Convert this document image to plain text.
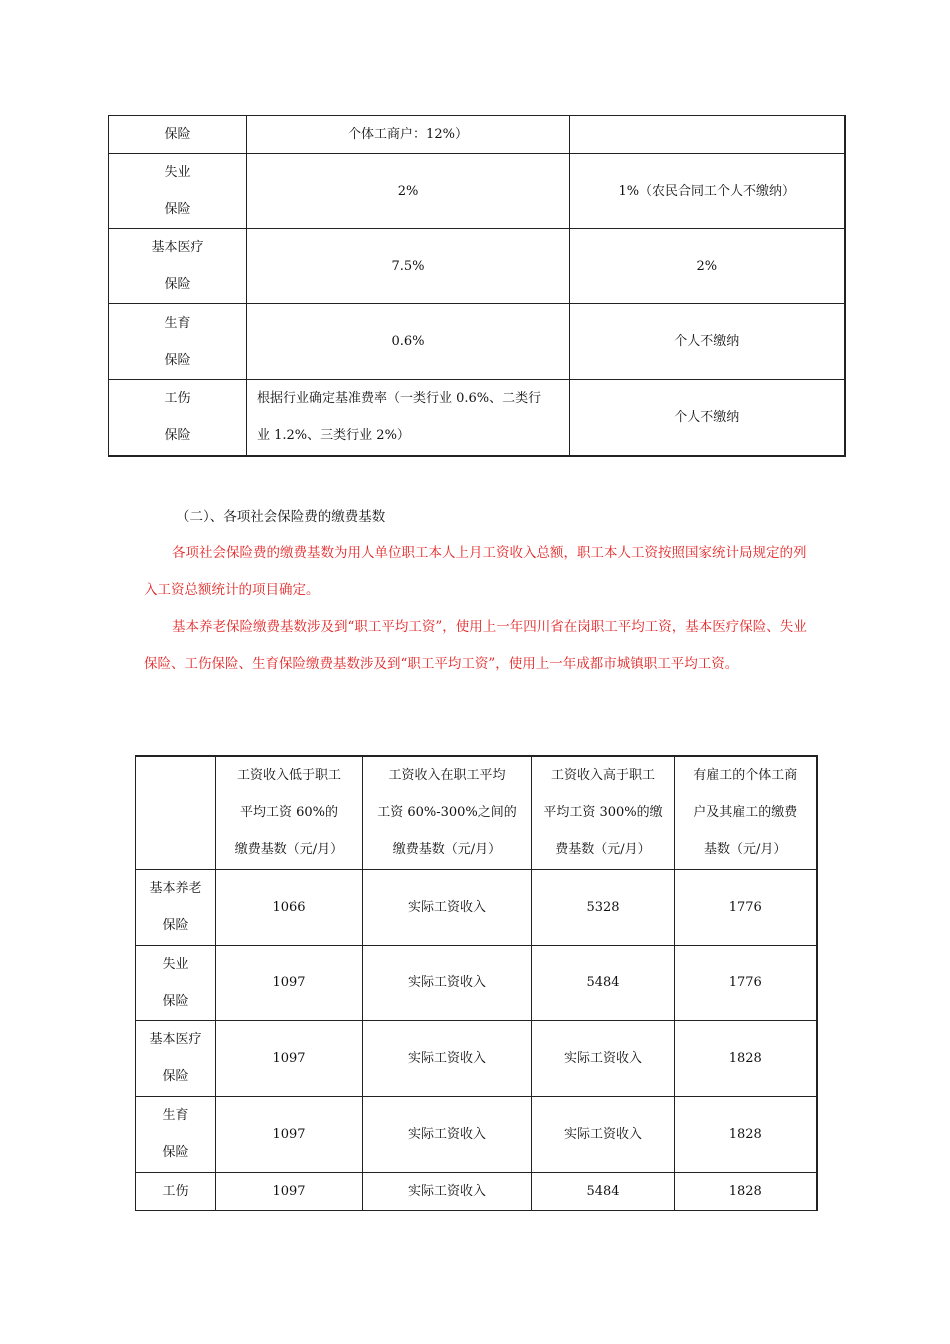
保险	个体工商户：12%）	

失业
保险	2%	1%（农民合同工个人不缴纳）

基本医疗
保险	7.5%	2%

生育
保险	0.6%	个人不缴纳

工伤
保险	根据行业确定基准费率（一类行业 0.6%、二类行
业 1.2%、三类行业 2%）	个人不缴纳
（二）、各项社会保险费的缴费基数
各项社会保险费的缴费基数为用人单位职工本人上月工资收入总额，职工本人工资按照国家统计局规定的列入工资总额统计的项目确定。
基本养老保险缴费基数涉及到“职工平均工资”，使用上一年四川省在岗职工平均工资，基本医疗保险、失业保险、工伤保险、生育保险缴费基数涉及到“职工平均工资”，使用上一年成都市城镇职工平均工资。

	工资收入低于职工
平均工资 60%的
缴费基数（元/月）	工资收入在职工平均
工资 60%-300%之间的
缴费基数（元/月）	工资收入高于职工
平均工资 300%的缴
费基数（元/月）	有雇工的个体工商
户及其雇工的缴费
基数（元/月）

基本养老
保险	1066	实际工资收入	5328	1776

失业
保险	1097	实际工资收入	5484	1776

基本医疗
保险	1097	实际工资收入	实际工资收入	1828

生育
保险	1097	实际工资收入	实际工资收入	1828

工伤	1097	实际工资收入	5484	1828
